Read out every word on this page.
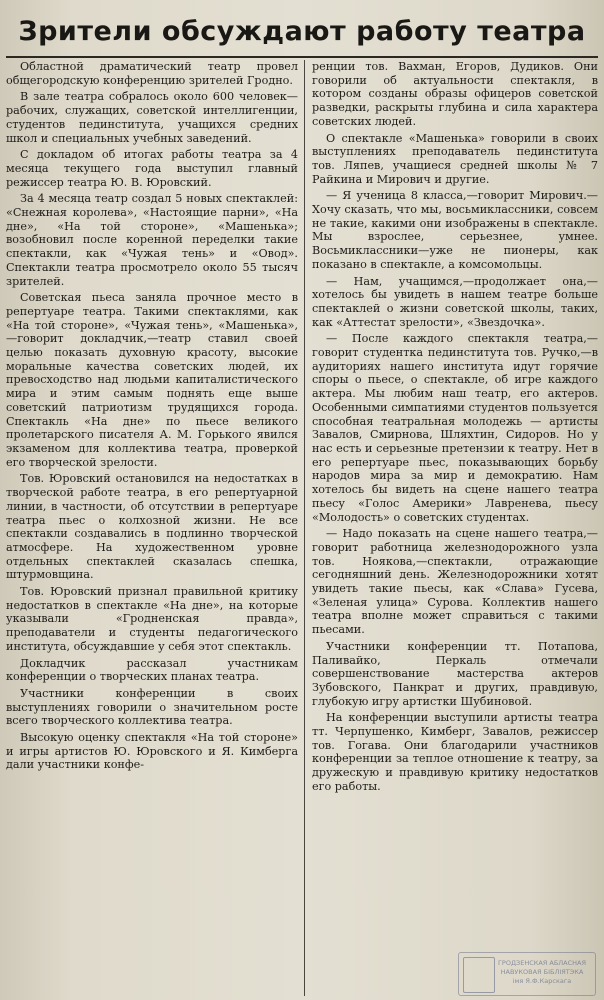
Зрители обсуждают работу театра

Областной драматический театр провел общегородскую конференцию зрителей Гродно.

В зале театра собралось около 600 человек—рабочих, служащих, советской интеллигенции, студентов пединститута, учащихся средних школ и специальных учебных заведений.

С докладом об итогах работы театра за 4 месяца текущего года выступил главный режиссер театра Ю. В. Юровский.

За 4 месяца театр создал 5 новых спектаклей: «Снежная королева», «Настоящие парни», «На дне», «На той стороне», «Машенька»; возобновил после коренной переделки такие спектакли, как «Чужая тень» и «Овод». Спектакли театра просмотрело около 55 тысяч зрителей.

Советская пьеса заняла прочное место в репертуаре театра. Такими спектаклями, как «На той стороне», «Чужая тень», «Машенька»,—говорит докладчик,—театр ставил своей целью показать духовную красоту, высокие моральные качества советских людей, их превосходство над людьми капиталистического мира и этим самым поднять еще выше советский патриотизм трудящихся города. Спектакль «На дне» по пьесе великого пролетарского писателя А. М. Горького явился экзаменом для коллектива театра, проверкой его творческой зрелости.

Тов. Юровский остановился на недостатках в творческой работе театра, в его репертуарной линии, в частности, об отсутствии в репертуаре театра пьес о колхозной жизни. Не все спектакли создавались в подлинно творческой атмосфере. На художественном уровне отдельных спектаклей сказалась спешка, штурмовщина.

Тов. Юровский признал правильной критику недостатков в спектакле «На дне», на которые указывали «Гродненская правда», преподаватели и студенты педагогического института, обсуждавшие у себя этот спектакль.

Докладчик рассказал участникам конференции о творческих планах театра.

Участники конференции в своих выступлениях говорили о значительном росте всего творческого коллектива театра.

Высокую оценку спектакля «На той стороне» и игры артистов Ю. Юровского и Я. Кимберга дали участники конфе-

ренции тов. Вахман, Егоров, Дудиков. Они говорили об актуальности спектакля, в котором созданы образы офицеров советской разведки, раскрыты глубина и сила характера советских людей.

О спектакле «Машенька» говорили в своих выступлениях преподаватель пединститута тов. Ляпев, учащиеся средней школы № 7 Райкина и Мирович и другие.

— Я ученица 8 класса,—говорит Мирович.—Хочу сказать, что мы, восьмиклассники, совсем не такие, какими они изображены в спектакле. Мы взрослее, серьезнее, умнее. Восьмиклассники—уже не пионеры, как показано в спектакле, а комсомольцы.

— Нам, учащимся,—продолжает она,—хотелось бы увидеть в нашем театре больше спектаклей о жизни советской школы, таких, как «Аттестат зрелости», «Звездочка».

— После каждого спектакля театра,—говорит студентка пединститута тов. Ручко,—в аудиториях нашего института идут горячие споры о пьесе, о спектакле, об игре каждого актера. Мы любим наш театр, его актеров. Особенными симпатиями студентов пользуется способная театральная молодежь — артисты Завалов, Смирнова, Шляхтин, Сидоров. Но у нас есть и серьезные претензии к театру. Нет в его репертуаре пьес, показывающих борьбу народов мира за мир и демократию. Нам хотелось бы видеть на сцене нашего театра пьесу «Голос Америки» Лавренева, пьесу «Молодость» о советских студентах.

— Надо показать на сцене нашего театра,—говорит работница железнодорожного узла тов. Ноякова,—спектакли, отражающие сегодняшний день. Железнодорожники хотят увидеть такие пьесы, как «Слава» Гусева, «Зеленая улица» Сурова. Коллектив нашего театра вполне может справиться с такими пьесами.

Участники конференции тт. Потапова, Паливайко, Перкаль отмечали совершенствование мастерства актеров Зубовского, Панкрат и других, правдивую, глубокую игру артистки Шубиновой.

На конференции выступили артисты театра тт. Черпушенко, Кимберг, Завалов, режиссер тов. Гогава. Они благодарили участников конференции за теплое отношение к театру, за дружескую и правдивую критику недостатков его работы.

ГРОДЗЕНСКАЯ АБЛАСНАЯ
НАВУКОВАЯ БІБЛІЯТЭКА
імя Я.Ф.Карскага
